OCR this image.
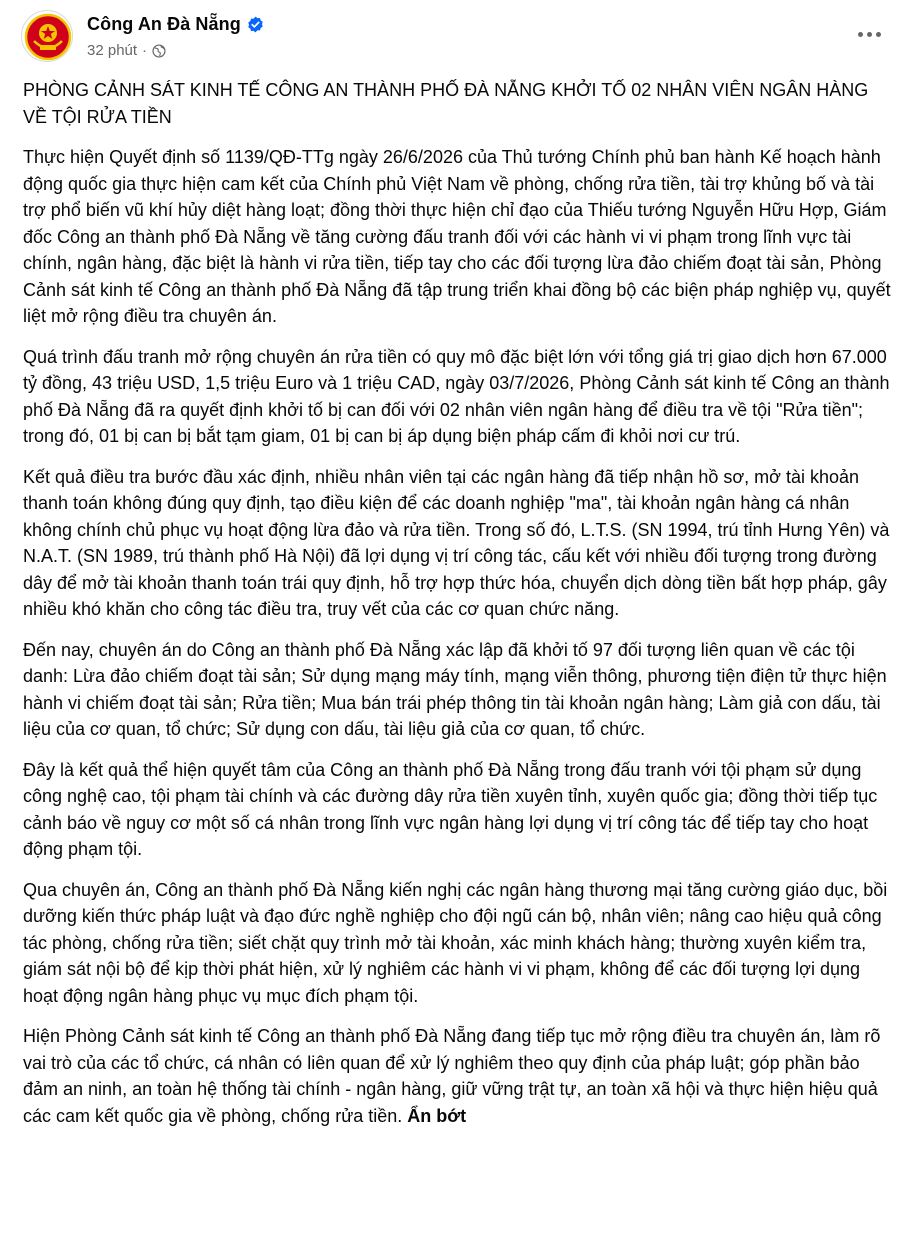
Công An Đà Nẵng
32 phút ·

PHÒNG CẢNH SÁT KINH TẾ CÔNG AN THÀNH PHỐ ĐÀ NẴNG KHỞI TỐ 02 NHÂN VIÊN NGÂN HÀNG VỀ TỘI RỬA TIỀN

Thực hiện Quyết định số 1139/QĐ-TTg ngày 26/6/2026 của Thủ tướng Chính phủ ban hành Kế hoạch hành động quốc gia thực hiện cam kết của Chính phủ Việt Nam về phòng, chống rửa tiền, tài trợ khủng bố và tài trợ phổ biến vũ khí hủy diệt hàng loạt; đồng thời thực hiện chỉ đạo của Thiếu tướng Nguyễn Hữu Hợp, Giám đốc Công an thành phố Đà Nẵng về tăng cường đấu tranh đối với các hành vi vi phạm trong lĩnh vực tài chính, ngân hàng, đặc biệt là hành vi rửa tiền, tiếp tay cho các đối tượng lừa đảo chiếm đoạt tài sản, Phòng Cảnh sát kinh tế Công an thành phố Đà Nẵng đã tập trung triển khai đồng bộ các biện pháp nghiệp vụ, quyết liệt mở rộng điều tra chuyên án.

Quá trình đấu tranh mở rộng chuyên án rửa tiền có quy mô đặc biệt lớn với tổng giá trị giao dịch hơn 67.000 tỷ đồng, 43 triệu USD, 1,5 triệu Euro và 1 triệu CAD, ngày 03/7/2026, Phòng Cảnh sát kinh tế Công an thành phố Đà Nẵng đã ra quyết định khởi tố bị can đối với 02 nhân viên ngân hàng để điều tra về tội "Rửa tiền"; trong đó, 01 bị can bị bắt tạm giam, 01 bị can bị áp dụng biện pháp cấm đi khỏi nơi cư trú.

Kết quả điều tra bước đầu xác định, nhiều nhân viên tại các ngân hàng đã tiếp nhận hồ sơ, mở tài khoản thanh toán không đúng quy định, tạo điều kiện để các doanh nghiệp "ma", tài khoản ngân hàng cá nhân không chính chủ phục vụ hoạt động lừa đảo và rửa tiền. Trong số đó, L.T.S. (SN 1994, trú tỉnh Hưng Yên) và N.A.T. (SN 1989, trú thành phố Hà Nội) đã lợi dụng vị trí công tác, cấu kết với nhiều đối tượng trong đường dây để mở tài khoản thanh toán trái quy định, hỗ trợ hợp thức hóa, chuyển dịch dòng tiền bất hợp pháp, gây nhiều khó khăn cho công tác điều tra, truy vết của các cơ quan chức năng.

Đến nay, chuyên án do Công an thành phố Đà Nẵng xác lập đã khởi tố 97 đối tượng liên quan về các tội danh: Lừa đảo chiếm đoạt tài sản; Sử dụng mạng máy tính, mạng viễn thông, phương tiện điện tử thực hiện hành vi chiếm đoạt tài sản; Rửa tiền; Mua bán trái phép thông tin tài khoản ngân hàng; Làm giả con dấu, tài liệu của cơ quan, tổ chức; Sử dụng con dấu, tài liệu giả của cơ quan, tổ chức.

Đây là kết quả thể hiện quyết tâm của Công an thành phố Đà Nẵng trong đấu tranh với tội phạm sử dụng công nghệ cao, tội phạm tài chính và các đường dây rửa tiền xuyên tỉnh, xuyên quốc gia; đồng thời tiếp tục cảnh báo về nguy cơ một số cá nhân trong lĩnh vực ngân hàng lợi dụng vị trí công tác để tiếp tay cho hoạt động phạm tội.

Qua chuyên án, Công an thành phố Đà Nẵng kiến nghị các ngân hàng thương mại tăng cường giáo dục, bồi dưỡng kiến thức pháp luật và đạo đức nghề nghiệp cho đội ngũ cán bộ, nhân viên; nâng cao hiệu quả công tác phòng, chống rửa tiền; siết chặt quy trình mở tài khoản, xác minh khách hàng; thường xuyên kiểm tra, giám sát nội bộ để kịp thời phát hiện, xử lý nghiêm các hành vi vi phạm, không để các đối tượng lợi dụng hoạt động ngân hàng phục vụ mục đích phạm tội.

Hiện Phòng Cảnh sát kinh tế Công an thành phố Đà Nẵng đang tiếp tục mở rộng điều tra chuyên án, làm rõ vai trò của các tổ chức, cá nhân có liên quan để xử lý nghiêm theo quy định của pháp luật; góp phần bảo đảm an ninh, an toàn hệ thống tài chính - ngân hàng, giữ vững trật tự, an toàn xã hội và thực hiện hiệu quả các cam kết quốc gia về phòng, chống rửa tiền. Ẩn bớt
